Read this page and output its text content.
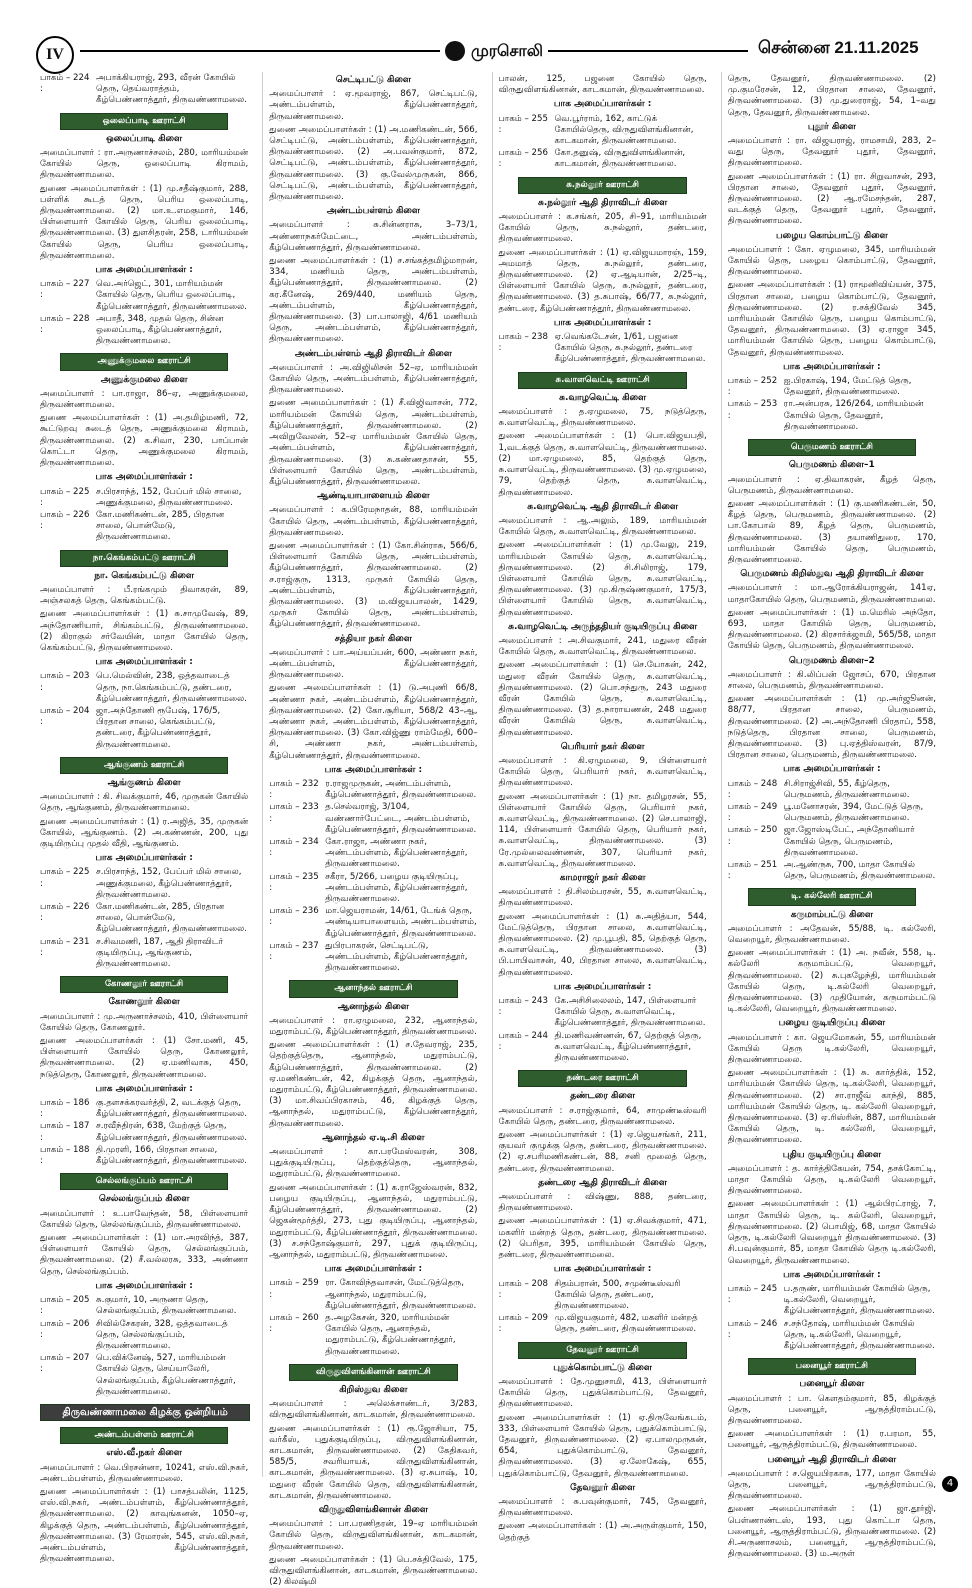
IV	முரசொலி	சென்னை 21.11.2025
பாகம் – 224 :
அபாக்கியராஜ், 293, வீரன் கோயில் தெரு, தெய்வராத்தம், கீழ்பெண்ணாத்தூர், திருவண்ணாமலை.
ஒலைப்பாடி ஊராட்சி
ஒலைப்பாடி கிளை
அமைப்பாளர் : ரா.அருணாச்சலம், 280, மாரியம்மன் கோயில் தெரு, ஒலைப்பாடி கிராமம், திருவண்ணாமலை.
துணை அமைப்பாளர்கள் : (1) மு.சதீஷ்குமார், 288, பள்ளிக் கூடத் தெரு, பெரிய ஒலைப்பாடி, திருவண்ணாமலை. (2) மா.உ.எமகுமார், 146, பிள்ளையார் கோயில் தெரு, பெரிய ஒலைப்பாடி, திருவண்ணாமலை. (3) துளசிதரன், 258, டாரியம்மன் கோயில் தெரு, பெரிய ஒலைப்பாடி, திருவண்ணாமலை.
பாக அமைப்பாளர்கள் :
பாகம் – 227 :
வெ.அர்ஜெட், 301, மாரியம்மன் கோயில் தெரு, பெரிய ஒலைப்பாடி, கீழ்பெண்ணாத்தூர், திருவண்ணாமலை.
பாகம் – 228 :
அபாதீ, 348, முதல் தெரு, சின்ன ஒலைப்பாடி, கீழ்பெண்ணாத்தூர், திருவண்ணாமலை.
அணுக்குமலை ஊராட்சி
அணுக்குமலை கிளை
அமைப்பாளர் : பா.ராஜா, 86–ஏ, அணுக்குமலை, திருவண்ணாமலை.
துணை அமைப்பாளர்கள் : (1) அ.தமிழ்மணி, 72, கூட்டுறவு சுடைத் தெரு, அணுக்குமலை கிராமம், திருவண்ணாமலை. (2) க.சிவா, 230, பாப்பான் கொட்டா தெரு, அணுக்குமலை கிராமம், திருவண்ணாமலை.
பாக அமைப்பாளர்கள் :
பாகம் – 225 :
ச.பிரசாந்த், 152, பேப்பர் மில் சாலை, அணுக்குமலை, திருவண்ணாமலை.
பாகம் – 226 :
கோ.மணிகண்டன், 285, பிரதான சாலை, பொன்மேடு, திருவண்ணாமலை.
நா.கெங்கம்பட்டு ஊராட்சி
நா. கெங்கம்பட்டு கிளை
அமைப்பாளர் : பீ.ரங்கமும் திவாகரன், 89, அஞ்சலகத் தெரு, கெங்கம்பட்டு.
துணை அமைப்பாளர்கள் : (1) சு.சாமுவேஷ், 89, அந்தோணியார், சிங்கம்பட்டு, திருவண்ணாமலை. (2) கிராகுல் சர்வேயின், மாதா கோயில் தெரு, கெங்கம்பட்டு, திருவண்ணாமலை.
பாக அமைப்பாளர்கள் :
பாகம் – 203 :
பெ.மெல்வின், 238, ஒத்தவாடைத் தெரு, நா.கெங்கம்பட்டு, தண்டரை, கீழ்பெண்ணாத்தூர், திருவண்ணாமலை.
பாகம் – 204 :
ஜா.அந்தோணி ரூபேஷ், 176/5, பிரதான சாலை, கெங்கம்பட்டு, தண்டரை, கீழ்பெண்ணாத்தூர், திருவண்ணாமலை.
ஆங்குணம் ஊராட்சி
ஆங்குணம் கிளை
அமைப்பாளர் : கி. சிவக்குமார், 46, முருகன் கோயில் தெரு, ஆங்குணம், திருவண்ணாமலை.
துணை அமைப்பாளர்கள் : (1) ர.அஜித், 35, முருகன் கோயில், ஆங்குணம். (2) அ.கண்ணன், 200, புது குடியிருப்பு முதல் வீதி, ஆங்குணம்.
பாக அமைப்பாளர்கள் :
பாகம் – 225 :
ச.பிரசாந்த், 152, பேப்பர் மில் சாலை, அணுக்குமலை, கீழ்பெண்ணாத்தூர், திருவண்ணாமலை.
பாகம் – 226 :
கோ.மணிகண்டன், 285, பிரதான சாலை, பொன்மேடு, கீழ்பெண்ணாத்தூர், திருவண்ணாமலை.
பாகம் – 231 :
ச.சிவமணி, 187, ஆதி திராவிடர் குடியிருப்பு, ஆங்குணம், திருவண்ணாமலை.
கோணலூர் ஊராட்சி
கோணலூர் கிளை
அமைப்பாளர் : மு.அருணாச்சலம், 410, பிள்ளையார் கோயில் தெரு, கோணலூர்.
துணை அமைப்பாளர்கள் : (1) சோ.மணி, 45, பிள்ளையார் கோயில் தெரு, கோணலூர், திருவண்ணாமலை. (2) ஏ.மணிவாசு, 450, நடுத்தெரு, கோணலூர், திருவண்ணாமலை.
பாக அமைப்பாளர்கள் :
பாகம் – 186 :
கு.தளசக்கரவர்த்தி, 2, வடக்குத் தெரு, கீழ்பெண்ணாத்தூர், திருவண்ணாமலை.
பாகம் – 187 :
ச.ரவீந்திரன், 638, மேற்குத் தெரு, கீழ்பெண்ணாத்தூர், திருவண்ணாமலை.
பாகம் – 188 :
தி.முரளி, 166, பிரதான சாலை, கீழ்பெண்ணாத்தூர், திருவண்ணாமலை.
செல்லங்குப்பம் ஊராட்சி
செல்லங்குப்பம் கிளை
அமைப்பாளர் : உ.பாவேந்தன், 58, பிள்ளையார் கோயில் தெரு, செல்லங்குப்பம், திருவண்ணாமலை.
துணை அமைப்பாளர்கள் : (1) மா.அரவிந்த், 387, பிள்ளையார் கோயில் தெரு, செல்லங்குப்பம், திருவண்ணாமலை. (2) சீ.வல்லரசு, 333, அண்ணா தெரு, செல்லங்குப்பம்.
பாக அமைப்பாளர்கள் :
பாகம் – 205 :
சு.குமார், 10, அருணா தெரு, செல்லங்குப்பம், திருவண்ணாமலை.
பாகம் – 206 :
சிவில்சேகரன், 328, ஒத்தவாடைத் தெரு, செல்லங்குப்பம், திருவண்ணாமலை.
பாகம் – 207 :
பெ.விக்னேஷ், 527, மாரியம்மன் கோயில் தெரு, செய்யாலேரி, செல்லங்குப்பம், கீழ்பெண்ணாத்தூர், திருவண்ணாமலை.
திருவண்ணாமலை கிழக்கு ஒன்றியம்
அண்டம்பள்ளம் ஊராட்சி
எஸ்.வீ.நகர் கிளை
அமைப்பாளர் : வெ.பிரசன்னா, 10241, எஸ்.வி.நகர், அண்டம்பள்ளம், திருவண்ணாமலை.
துணை அமைப்பாளர்கள் : (1) பாசத்பலின், 1125, எஸ்.வி.நகர், அண்டம்பள்ளம், கீழ்பெண்ணாத்தூர், திருவண்ணாமலை. (2) காவுங்கனன், 1050–ஏ, கிழக்குத் தெரு, அண்டம்பள்ளம், கீழ்பெண்ணாத்தூர், திருவண்ணாமலை. (3) ரேமாரன், 545, எஸ்.வி.நகர், அண்டம்பள்ளம், கீழ்பெண்ணாத்தூர், திருவண்ணாமலை.
செட்டிபட்டு கிளை
அமைப்பாளர் : ஏ.மூவராஜ், 867, செட்டிபட்டு, அண்டம்பள்ளம், கீழ்பெண்ணாத்தூர், திருவண்ணாமலை.
துணை அமைப்பாளர்கள் : (1) அ.மணிகண்டன், 566, செட்டிபட்டு, அண்டம்பள்ளம், கீழ்பெண்ணாத்தூர், திருவண்ணாமலை. (2) அ.பவன்குமார், 872, செட்டிபட்டு, அண்டம்பள்ளம், கீழ்பெண்ணாத்தூர், திருவண்ணாமலை. (3) கு.வேல்முருகன், 866, செட்டிபட்டு, அண்டம்பள்ளம், கீழ்பெண்ணாத்தூர், திருவண்ணாமலை.
அண்டம்பள்ளம் கிளை
அமைப்பாளர் : சு.சின்னராசு, 3–73/1, அண்ணாநகர்மேட்டை, அண்டம்பள்ளம், கீழ்பெண்ணாத்தூர், திருவண்ணாமலை.
துணை அமைப்பாளர்கள் : (1) ச.சங்கத்தமிழ்மாறன், 334, மணியம் தெரு, அண்டம்பள்ளம், கீழ்பெண்ணாத்தூர், திருவண்ணாமலை. (2) கர.கீனேஷ், 269/440, மணியம் தெரு, அண்டம்பள்ளம், கீழ்பெண்ணாத்தூர், திருவண்ணாமலை. (3) பா.பாலாஜி, 4/61 மணியம் தெரு, அண்டம்பள்ளம், கீழ்பெண்ணாத்தூர், திருவண்ணாமலை.
அண்டம்பள்ளம் ஆதி திராவிடர் கிளை
அமைப்பாளர் : அ.விஜிலிசன் 52–ஏ, மாரியம்மன் கோயில் தெரு, அண்டம்பள்ளம், கீழ்பெண்ணாத்தூர், திருவண்ணாமலை.
துணை அமைப்பாளர்கள் : (1) சீ.விஜிவாசன், 772, மாரியம்மன் கோயில் தெரு, அண்டம்பள்ளம், கீழ்பெண்ணாத்தூர், திருவண்ணாமலை. (2) அவிறுவேலன், 52–ஏ மாரியம்மன் கோயில் தெரு, அண்டம்பள்ளம், கீழ்பெண்ணாத்தூர், திருவண்ணாமலை. (3) சு.கண்ணதாசன், 55, பிள்ளையார் கோயில் தெரு, அண்டம்பள்ளம், கீழ்பெண்ணாத்தூர், திருவண்ணாமலை.
ஆண்டியாபாளையம் கிளை
அமைப்பாளர் : க.பிரேமநாதன், 88, மாரியம்மன் கோயில் தெரு, அண்டம்பள்ளம், கீழ்பெண்ணாத்தூர், திருவண்ணாமலை.
துணை அமைப்பாளர்கள் : (1) கோ.சின்ராசு, 566/6, பிள்ளையார் கோயில் தெரு, அண்டம்பள்ளம், கீழ்பெண்ணாத்தூர், திருவண்ணாமலை. (2) ச.ராஜ்குரு, 1313, முருகர் கோயில் தெரு, அண்டம்பள்ளம், கீழ்பெண்ணாத்தூர், திருவண்ணாமலை. (3) ம.விஜயபாலன், 1429, முருகர் கோயில் தெரு, அண்டம்பள்ளம், கீழ்பெண்ணாத்தூர், திருவண்ணாமலை.
சத்தியா நகர் கிளை
அமைப்பாளர் : பா.அய்யப்பன், 600, அண்ணா நகர், அண்டம்பள்ளம், கீழ்பெண்ணாத்தூர், திருவண்ணாமலை.
துணை அமைப்பாளர்கள் : (1) டு.அபுணி 66/8, அண்ணா நகர், அண்டம்பள்ளம், கீழ்பெண்ணாத்தூர், திருவண்ணாமலை. (2) கோ.சூரியா, 568/2 43–ஆ, அண்ணா நகர், அண்டம்பள்ளம், கீழ்பெண்ணாத்தூர், திருவண்ணாமலை. (3) கோ.விஜ்ணு ராம்மேதி, 600–சி, அண்ணா நகர், அண்டம்பள்ளம், கீழ்பெண்ணாத்தூர், திருவண்ணாமலை.
பாக அமைப்பாளர்கள் :
பாகம் – 232 :
ர.ராஜமுருகன், அண்டம்பள்ளம், கீழ்பெண்ணாத்தூர், திருவண்ணாமலை.
பாகம் – 233 :
த.செல்வராஜ், 3/104, வண்ணார்பேட்டை, அண்டம்பள்ளம், கீழ்பெண்ணாத்தூர், திருவண்ணாமலை.
பாகம் – 234 :
கோ.ராஜா, அண்ணா நகர், அண்டம்பள்ளம், கீழ்பெண்ணாத்தூர், திருவண்ணாமலை.
பாகம் – 235 :
சகீரா, 5/266, பழைய குடியிருப்பு, அண்டம்பள்ளம், கீழ்பெண்ணாத்தூர், திருவண்ணாமலை.
பாகம் – 236 :
மா.ஜெயராமன், 14/61, டேங்க் தெரு, அண்டியாபாளையம், அண்டம்பள்ளம், கீழ்பெண்ணாத்தூர், திருவண்ணாமலை.
பாகம் – 237 :
துபிரபாகரன், செட்டிபட்டு, அண்டம்பள்ளம், கீழ்பெண்ணாத்தூர், திருவண்ணாமலை.
ஆனாந்தல் ஊராட்சி
ஆனாந்தல் கிளை
அமைப்பாளர் : ரா.ஏழுமலை, 232, ஆனாந்தல், மதுராம்பட்டு, கீழ்பெண்ணாத்தூர், திருவண்ணாமலை.
துணை அமைப்பாளர்கள் : (1) ச.தேவராஜ், 235, தெற்குத்தெரு, ஆனாந்தல், மதுராம்பட்டு, கீழ்பெண்ணாத்தூர், திருவண்ணாமலை. (2) ஏ.மணிகண்டன், 42, கிழக்குத் தெரு, ஆனாந்தல், மதுராம்பட்டு, கீழ்பெண்ணாத்தூர், திருவண்ணாமலை. (3) மா.சிவப்பிரகாசம், 46, கிழக்குத் தெரு, ஆனாந்தல், மதுராம்பட்டு, கீழ்பெண்ணாத்தூர், திருவண்ணாமலை.
ஆனாந்தல் ஏ.டி.சி கிளை
அமைப்பாளர் : கா.பரமேஸ்வரன், 308, புதுக்குடியிருப்பு, தெற்குத்தெரு, ஆனாந்தல், மதுராம்பட்டு, திருவண்ணாமலை.
துணை அமைப்பாளர்கள் : (1) க.ராஜேஸ்வரன், 832, பழைய குடியிருப்பு, ஆனாந்தல், மதுராம்பட்டு, கீழ்பெண்ணாத்தூர், திருவண்ணாமலை. (2) ஜெகன்மூர்த்தி, 273, புது குடியிருப்பு, ஆனாந்தல், மதுராம்பட்டு, கீழ்பெண்ணாத்தூர், திருவண்ணாமலை. (3) ச.சந்தோஷ்குமார், 297, புதுக் குடியிருப்பு, ஆனாந்தல், மதுராம்பட்டு, திருவண்ணாமலை.
பாக அமைப்பாளர்கள் :
பாகம் – 259 :
ரா. கோவிந்தவாசன், மேட்டுத்தெரு, ஆனாந்தல், மதுராம்பட்டு, கீழ்பெண்ணாத்தூர், திருவண்ணாமலை.
பாகம் – 260 :
த.அழகேசன், 320, மாரியம்மன் கோயில் தெரு, ஆனாந்தல், மதுராம்பட்டு, கீழ்பெண்ணாத்தூர், திருவண்ணாமலை.
விருதுவிளங்கினான் ஊராட்சி
கிறிஸ்துவ கிளை
அமைப்பாளர் : அலெக்சாண்டர், 3/283, விருதுவிளங்கினான், காடகமான், திருவண்ணாமலை.
துணை அமைப்பாளர்கள் : (1) ரூ.ஜோசியா, 75, வர்கீஸ், புதுக்குடியிருப்பு, விருதுவிளங்கினான், காடகமான், திருவண்ணாமலை. (2) கேதிகவர், 585/5, சவரியாயக், விருதுவிளங்கினான், காடகமான், திருவண்ணாமலை. (3) ஏ.சுபாஷ், 10, மதுரை வீரன் கோயில் தெரு, விருதுவிளங்கினான், காடகமான், திருவண்ணாமலை.
விருதுவிளங்கினான் கிளை
அமைப்பாளர் : பா.பரணிதரன், 19–ஏ மாரியம்மன் கோயில் தெரு, விருதுவிளங்கினான், காடகமான், திருவண்ணாமலை.
துணை அமைப்பாளர்கள் : (1) பெ.சக்திவேல், 175, விருதுவிளங்கினான், காடகமான், திருவண்ணாமலை. (2) கிலஷ்மி
பாலன், 125, பஜனை கோயில் தெரு, விருதுவிளங்கினான், காடகமான், திருவண்ணாமலை.
பாக அமைப்பாளர்கள் :
பாகம் – 255 :
வெ.பூர்ராம், 162, காட்டுக் கோயில்தெரு, விருதுவிளங்கினான், காடகமான், திருவண்ணாமலை.
பாகம் – 256 :
கோ.தனுஷ், விருதுவிளங்கினான், காடகமான், திருவண்ணாமலை.
சு.நல்லூர் ஊராட்சி
சு.நல்லூர் ஆதி திராவிடர் கிளை
அமைப்பாளர் : க.சங்கர், 205, சி–91, மாரியம்மன் கோயில் தெரு, சு.நல்லூர், தண்டரை, திருவண்ணாமலை.
துணை அமைப்பாளர்கள் : (1) ஏ.விஜயமாரஞ், 159, அமமாத் தெரு, சு.நல்லூர், தண்டரை, திருவண்ணாமலை. (2) ஏ.ஆடியான், 2/25–டி, பிள்ளையார் கோயில் தெரு, சு.நல்லூர், தண்டரை, திருவண்ணாமலை. (3) த.சுபாஷ், 66/77, சு.நல்லூர், தண்டரை, கீழ்பெண்ணாத்தூர், திருவண்ணாமலை.
பாக அமைப்பாளர்கள் :
பாகம் – 238 :
ஏ.வெங்கடேசன், 1/61, பஜனை கோயில் தெரு, சு.நல்லூர், தண்டரை கீழ்பெண்ணாத்தூர், திருவண்ணாமலை.
சு.வாளவெட்டி ஊராட்சி
சு.வாழவெட்டி கிளை
அமைப்பாளர் : த.ஏழுமலை, 75, நடுத்தெரு, சு.வாளவெட்டி, திருவண்ணாமலை.
துணை அமைப்பாளர்கள் : (1) பொ.விஜயபதி, 1,வடக்குத் தெரு, சு.வாளவெட்டி, திருவண்ணாமலை. (2) மா.ஏழுமலை, 85, தெற்குத் தெரு, சு.வாளவெட்டி, திருவண்ணாமலை. (3) மு.ஏழுமலை, 79, தெற்குத் தெரு, சு.வாளவெட்டி, திருவண்ணாமலை.
சு.வாழவெட்டி ஆதி திராவிடர் கிளை
அமைப்பாளர் : ஆ.அலும், 189, மாரியம்மன் கோயில் தெரு, சு.வாளவெட்டி, திருவண்ணாமலை.
துணை அமைப்பாளர்கள் : (1) மு.வேலு, 219, மாரியம்மன் கோயில் தெரு, சு.வாளவெட்டி, திருவண்ணாமலை. (2) சி.சிலிராஜ், 179, பிள்ளையார் கோயில் தெரு, சு.வாளவெட்டி, திருவண்ணாமலை. (3) மு.கிருஷ்ணகுமார், 175/3, பிள்ளையார் கோயில் தெரு, சு.வாளவெட்டி, திருவண்ணாமலை.
சு.வாழவெட்டி அருந்ததியர் குடியிருப்பு கிளை
அமைப்பாளர் : அ.சிவகுமார், 241, மதுரை வீரன் கோயில் தெரு, சு.வாளவெட்டி, திருவண்ணாமலை.
துணை அமைப்பாளர்கள் : (1) செ.யோகன், 242, மதுரை வீரன் கோயில் தெரு, சு.வாளவெட்டி, திருவண்ணாமலை. (2) பொ.சந்துரு, 243 மதுரை வீரன் கோயில் தெரு, சு.வாளவெட்டி, திருவண்ணாமலை. (3) த.நாராயணன், 248 மதுரை வீரன் கோயில் தெரு, சு.வாளவெட்டி, திருவண்ணாமலை.
பெரியார் நகர் கிளை
அமைப்பாளர் : கி.ஏழுமலை, 9, பிள்ளையார் கோயில் தெரு, பெரியார் நகர், சு.வாளவெட்டி, திருவண்ணாமலை.
துணை அமைப்பாளர்கள் : (1) நா. தமிழரசன், 55, பிள்ளையார் கோயில் தெரு, பெரியார் நகர், சு.வாளவெட்டி, திருவண்ணாமலை. (2) செ.பாலாஜி, 114, பிள்ளையார் கோயில் தெரு, பெரியார் நகர், சு.வாளவெட்டி, திருவண்ணாமலை. (3) ரே.முல்லைவண்ணன், 307, பெரியார் நகர், சு.வாளவெட்டி, திருவண்ணாமலை.
காமராஜர் நகர் கிளை
அமைப்பாளர் : தி.சிலம்பரசன், 55, சு.வாளவெட்டி, திருவண்ணாமலை.
துணை அமைப்பாளர்கள் : (1) சு.அதித்யா, 544, மேட்டுத்தெரு, பிரதான சாலை, சு.வாளவெட்டி, திருவண்ணாமலை. (2) மு.பூபதி, 85, தெற்குத் தெரு, சு.வாளவெட்டி, திருவண்ணாமலை. (3) பி.பாபிவாசன், 40, பிரதான சாலை, சு.வாளவெட்டி, திருவண்ணாமலை.
பாக அமைப்பாளர்கள் :
பாகம் – 243 :
கே.அசிசிலைலம், 147, பிள்ளையார் கோயில் தெரு, சு.வாளவெட்டி, கீழ்பெண்ணாத்தூர், திருவண்ணாமலை.
பாகம் – 244 :
தி.மணிவண்ணன், 67, தெற்குத் தெரு, சு.வாளவெட்டி, கீழ்பெண்ணாத்தூர், திருவண்ணாமலை.
தண்டரை ஊராட்சி
தண்டரை கிளை
அமைப்பாளர் : ச.ராஜ்குமார், 64, சாமுண்டீஸ்வரி கோயில் தெரு, தண்டரை, திருவண்ணாமலை.
துணை அமைப்பாளர்கள் : (1) ஏ.ஜெயசங்கர், 211, குயவர் குழுக்கு தெரு, தண்டரை, திருவண்ணாமலை. (2) ஏ.சபரிமணிகண்டன், 88, சனி மூலைத் தெரு, தண்டரை, திருவண்ணாமலை.
தண்டரை ஆதி திராவிடர் கிளை
அமைப்பாளர் : விஷ்ணு, 888, தண்டரை, திருவண்ணாமலை.
துணை அமைப்பாளர்கள் : (1) ஏ.சிவக்குமார், 471, மகளிர் மன்றத் தெரு, தண்டரை, திருவண்ணாமலை. (2) பெரிதா, 395, மாரியம்மன் கோயில் தெரு, தண்டரை, திருவண்ணாமலை.
பாக அமைப்பாளர்கள் :
பாகம் – 208 :
சிதம்பரான், 500, சமுண்டீஸ்வரி கோயில் தெரு, தண்டரை, திருவண்ணாமலை.
பாகம் – 209 :
மு.விஜயகுமார், 482, மகளிர் மன்றத் தெரு, தண்டரை, திருவண்ணாமலை.
தேவனூர் ஊராட்சி
புதுக்கொம்பாட்டு கிளை
அமைப்பாளர் : தே.முனுசாமி, 413, பிள்ளையார் கோயில் தெரு, புதுக்கொம்பாட்டு, தேவனூர், திருவண்ணாமலை.
துணை அமைப்பாளர்கள் : (1) ஏ.திருவேங்கடம், 333, பிள்ளையார் கோயில் தெரு, புதுக்கொம்பாட்டு, தேவனூர், திருவண்ணாமலை. (2) ஏ.பாலமுருகன், 654, புதுக்கொம்பாட்டு, தேவனூர், திருவண்ணாமலை. (3) ஏ.லோகேஷ், 655, புதுக்கொம்பாட்டு, தேவனூர், திருவண்ணாமலை.
தேவனூர் கிளை
அமைப்பாளர் : சு.பவுன்குமார், 745, தேவனூர், திருவண்ணாமலை.
துணை அமைப்பாளர்கள் : (1) அ.அருள்குமார், 150, தெற்குத்
தெரு, தேவனூர், திருவண்ணாமலை. (2) மு.குமரேசன், 12, பிரதான சாலை, தேவனூர், திருவண்ணாமலை. (3) மு.துரைராஜ், 54, 1–வது தெரு, தேவனூர், திருவண்ணாமலை.
புதூர் கிளை
அமைப்பாளர் : ரா. விஜயராஜ், ராமசாமி, 283, 2–வது தெரு, தேவனூர் புதூர், தேவனூர், திருவண்ணாமலை.
துணை அமைப்பாளர்கள் : (1) ரா. சிறுவாசன், 293, பிரதான சாலை, தேவனூர் புதூர், தேவனூர், திருவண்ணாமலை. (2) ஆ.ரமேசந்தன், 287, வடக்குத் தெரு, தேவனூர் புதூர், தேவனூர், திருவண்ணாமலை.
பழைய கொம்பாட்டு கிளை
அமைப்பாளர் : கோ. ஏழுமலை, 345, மாரியம்மன் கோயில் தெரு, பழைய கொம்பாட்டு, தேவனூர், திருவண்ணாமலை.
துணை அமைப்பாளர்கள் : (1) ராமூனிவிய்யன், 375, பிரதான சாலை, பழைய கொம்பாட்டு, தேவனூர், திருவண்ணாமலை. (2) ர.சக்திவேல் 345, மாரியம்மன் கோயில் தெரு, பழைய கொம்பாட்டு, தேவனூர், திருவண்ணாமலை. (3) ஏ.ராஜா 345, மாரியம்மன் கோயில் தெரு, பழைய கொம்பாட்டு, தேவனூர், திருவண்ணாமலை.
பாக அமைப்பாளர்கள் :
பாகம் – 252 :
ஐ.பிரகாஷ், 194, மேட்டுத் தெரு, தேவனூர், திருவண்ணாமலை.
பாகம் – 253 :
ரா.அன்பரசு, 126/264, மாரியம்மன் கோயில் தெரு, தேவனூர், திருவண்ணாமலை.
பெருமணம் ஊராட்சி
பெருமணம் கிளை–1
அமைப்பாளர் : ஏ.திவாகரன், கீழத் தெரு, பெருமணம், திருவண்ணாமலை.
துணை அமைப்பாளர்கள் : (1) கு.மணிகண்டன், 50, கீழத் தெரு, பெருமணம், திருவண்ணாமலை. (2) பா.கோபால் 89, கீழத் தெரு, பெருமணம், திருவண்ணாமலை. (3) தயாணிதுரை, 170, மாரியம்மன் கோயில் தெரு, பெருமணம், திருவண்ணாமலை.
பெருமணம் கிறிஸ்துவ ஆதி திராவிடர் கிளை
அமைப்பாளர் : மா.ஆரோக்கியராஜன், 141ஏ, மாதாகோயில் தெரு, பெருமணம், திருவண்ணாமலை.
துணை அமைப்பாளர்கள் : (1) ம.மெரில் அந்தோ, 693, மாதா கோயில் தெரு, பெருமணம், திருவண்ணாமலை. (2) கிரசார்க்ஜாமி, 565/58, மாதா கோயில் தெரு, பெருமணம், திருவண்ணாமலை.
பெருமணம் கிளை–2
அமைப்பாளர் : கி.லிப்பன் ஜோசப், 670, பிரதான சாலை, பெருமணம், திருவண்ணாமலை.
துணை அமைப்பாளர்கள் : (1) மு.அர்ஜூனன், 88/77, பிரதான சாலை, பெருமணம், திருவண்ணாமலை. (2) அ.அந்தோணி பிரதாப், 558, நடுத்தெரு, பிரதான சாலை, பெருமணம், திருவண்ணாமலை. (3) பு.ஏத்திஸ்வரன், 87/9, பிரதான சாலை, பெருமணம், திருவண்ணாமலை.
பாக அமைப்பாளர்கள் :
பாகம் – 248 :
சி.சிராஜ்சிவி, 55, கீழ்தெரு, பெருமணம், திருவண்ணாமலை.
பாகம் – 249 :
பூ.மனோசரன், 394, மேட்டுத் தெரு, பெருமணம், திருவண்ணாமலை.
பாகம் – 250 :
ஜா.ஜோஸ்டிபேட், அந்தோனியார் கோயில் தெரு, பெருமணம், திருவண்ணாமலை.
பாகம் – 251 :
அ.ஆண்ருசு, 700, மாதா கோயில் தெரு, பெருமணம், திருவண்ணாமலை.
டி. கல்லேரி ஊராட்சி
கருமாம்பட்டு கிளை
அமைப்பாளர் : அதேவன், 55/88, டி. கல்லேரி, வெறையூர், திருவண்ணாமலை.
துணை அமைப்பாளர்கள் : (1) அ. நவீன், 558, டி. கல்லேரி கருமாம்பட்டு, வெறையூர், திருவண்ணாமலை. (2) சு.புகழேந்தி, மாரியம்மன் கோயில் தெரு, டி.கல்லேரி வெறையூர், திருவண்ணாமலை. (3) முதியோன், கருமாம்பட்டு டி.கல்லேரி, வெறையூர், திருவண்ணாமலை.
பழைய குடியிருப்பு கிளை
அமைப்பாளர் : கா. ஜெயமோகன், 55, மாரியம்மன் கோயில் தெரு டி.கல்லேரி, வெறையூர், திருவண்ணாமலை.
துணை அமைப்பாளர்கள் : (1) சு. கார்த்திக், 152, மாரியம்மன் கோயில் தெரு, டி.கல்லேரி, வெறையூர், திருவண்ணாமலை. (2) சா.ராஜீவ் காந்தி, 885, மாரியம்மன் கோயில் தெரு, டி. கல்லேரி வெறையூர், திருவண்ணாமலை. (3) ஏ.ரிஸ்ரின், 887, மாரியம்மன் கோயில் தெரு, டி. கல்லேரி, வெறையூர், திருவண்ணாமலை.
புதிய குடியிருப்பு கிளை
அமைப்பாளர் : த. கார்த்திகேயன், 754, தசக்கோட்டி, மாதா கோயில் தெரு, டி.கல்லேரி வெறையூர், திருவண்ணாமலை.
துணை அமைப்பாளர்கள் : (1) ஆல்பிரட்ராஜ், 7, மாதா கோயில் தெரு, டி. கல்லேரி, வெறையூர், திருவண்ணாமலை. (2) பொமிஜ், 68, மாதா கோயில் தெரு, டி.கல்லேரி வெறையூர் திருவண்ணாமலை. (3) சி.பவுன்குமார், 85, மாதா கோயில் தெரு டி.கல்லேரி, வெறையூர், திருவண்ணாமலை.
பாக அமைப்பாளர்கள் :
பாகம் – 245 :
ப.தருண், மாரியம்மன் கோயில் தெரு, டி.கல்லேரி, வெறையூர், கீழ்பெண்ணாத்தூர், திருவண்ணாமலை.
பாகம் – 246 :
ச.சந்தோஷ், மாரியம்மன் கோயில் தெரு, டி.கல்லேரி, வெறையூர், கீழ்பெண்ணாத்தூர், திருவண்ணாமலை.
பனையூர் ஊராட்சி
பனையூர் கிளை
அமைப்பாளர் : பா. கௌதம்குமார், 85, கிழக்குத் தெரு, பனையூர், ஆருத்திராம்பட்டு, திருவண்ணாமலை.
துணை அமைப்பாளர்கள் : (1) ர.பரமா, 55, பனையூர், ஆருத்திராம்பட்டு, திருவண்ணாமலை.
பனையூர் ஆதி திராவிடர் கிளை
அமைப்பாளர் : ச.ஜெயபிரகாசு, 177, மாதா கோயில் தெரு, பனையூர், ஆருத்திராம்பட்டு, திருவண்ணாமலை.
துணை அமைப்பாளர்கள் : (1) ஜா.தூர்ஜி, பெள்ணாண்டஸ், 193, புது கொட்டா தெரு, பனையூர், ஆருத்திராம்பட்டு, திருவண்ணாமலை. (2) சி.அருணாசலம், பனையூர், ஆருத்திராம்பட்டு, திருவண்ணாமலை. (3) ம.அருள்
4
